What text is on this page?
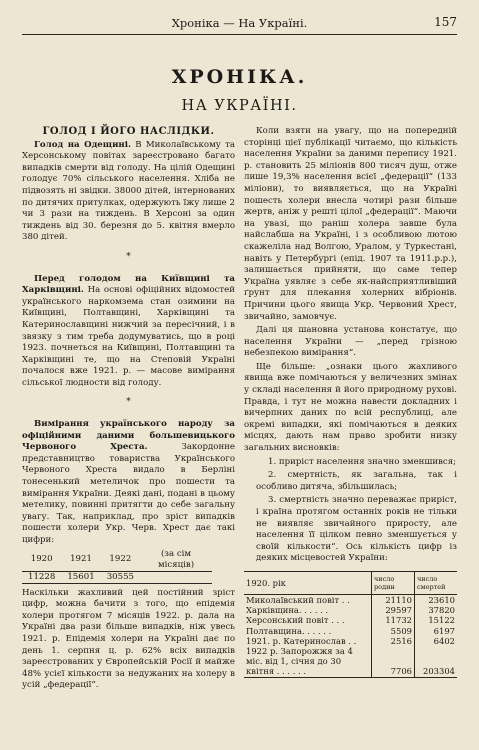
Хроніка — На Україні.	157
ХРОНІКА.
НА УКРАЇНІ.
ГОЛОД І ЙОГО НАСЛІДКИ.

Голод на Одещині. В Миколаївському та Херсонському повітах зареєстровано багато випадків смерти від голоду. На цілій Одещині голодує 70% сільського населення. Хліба не підвозять ні звідки. 38000 дітей, інтернованих по дитячих притулках, одержують їжу лише 2 чи 3 рази на тиждень. В Херсоні за один тиждень від 30. березня до 5. квітня вмерло 380 дітей.

*

Перед голодом на Київщині та Харківщині. На основі офіційних відомостей українського наркомзема стан озимини на Київщині, Полтавщині, Харківщині та Катеринославщині нижчий за пересічний, і в звязку з тим треба додумуватись, що в році 1923. почнеться на Київщині, Полтавщині та Харківщині те, що на Степовій Україні почалося вже 1921. р. — масове вимірання сільської людности від голоду.

*

Вимірання українського народу за офіційними даними большевицького Червоного Хреста. Закордонне представництво товариства Українського Червоного Хреста видало в Берліні тонесенький метеличок про пошести та вимірання України. Деякі дані, подані в цьому метелику, повинні притягти до себе загальну увагу. Так, наприклад, про зріст випадків пошести холери Укр. Черв. Хрест дає такі цифри:

1920	1921	1922	(за сім місяців)
11228	15601	30555	

Наскільки жахливий цей постійний зріст цифр, можна бачити з того, що епідемія холери протягом 7 місяців 1922. р. дала на Україні два рази більше випадків, ніж увесь 1921. р. Епідемія холери на Україні дає по день 1. серпня ц. р. 62% всіх випадків зареєстрованих у Європейській Росії й майже 48% усієї кількости за недужаних на холеру в усій „федерації“.

Коли взяти на увагу, що на попередній сторінці цієї публікації читаємо, що кількість населення України за даними перепису 1921. р. становить 25 міліонів 800 тисяч душ, отже лише 19,3% населення всієї „федерації“ (133 міліони), то виявляється, що на Україні пошесть холери внесла чотирі рази більше жертв, аніж у решті цілої „федерації“. Маючи на увазі, що раніш холера завше була найслабша на Україні, і з особливою лютою скажеліла над Волгою, Уралом, у Туркестані, навіть у Петербургі (епід. 1907 та 1911.р.р.), залишається прийняти, що саме тепер Україна уявляє з себе як-найсприятливіший ґрунт для плекання холерних вібріонів. Причини цього явища Укр. Червоний Хрест, звичайно, замовчує.

Далі ця шановна установа констатує, що населення України — „перед грізною небезпекою вимірання“.

Ще більше: „ознаки цього жахливого явища вже помічаються у величезних змінах у складі населення й його природному рухові. Правда, і тут не можна навести докладних і вичерпних даних по всій республиці, але окремі випадки, які помічаються в деяких місцях, дають нам право зробити низку загальних висновків:

1. приріст населення значно зменшився;

2. смертність, як загальна, так і особливо дитяча, збільшилась;

3. смертність значно переважає приріст, і країна протягом останніх років не тільки не виявляє звичайного приросту, але населення її цілком певно зменшується у своїй кількости“. Ось кількість цифр із деяких місцевостей України:

1920. рік	число родин	число смертей
Миколаївський повіт . .	21110	23610
Харківщина. . . . . .	29597	37820
Херсонський повіт . . .	11732	15122
Полтавщина. . . . . .	5509	6197
1921. р. Катеринослав . .	2516	6402
1922 р. Запорожжя за 4 міс. від 1, січня до 30 квітня . . . . . .	7706	203304
